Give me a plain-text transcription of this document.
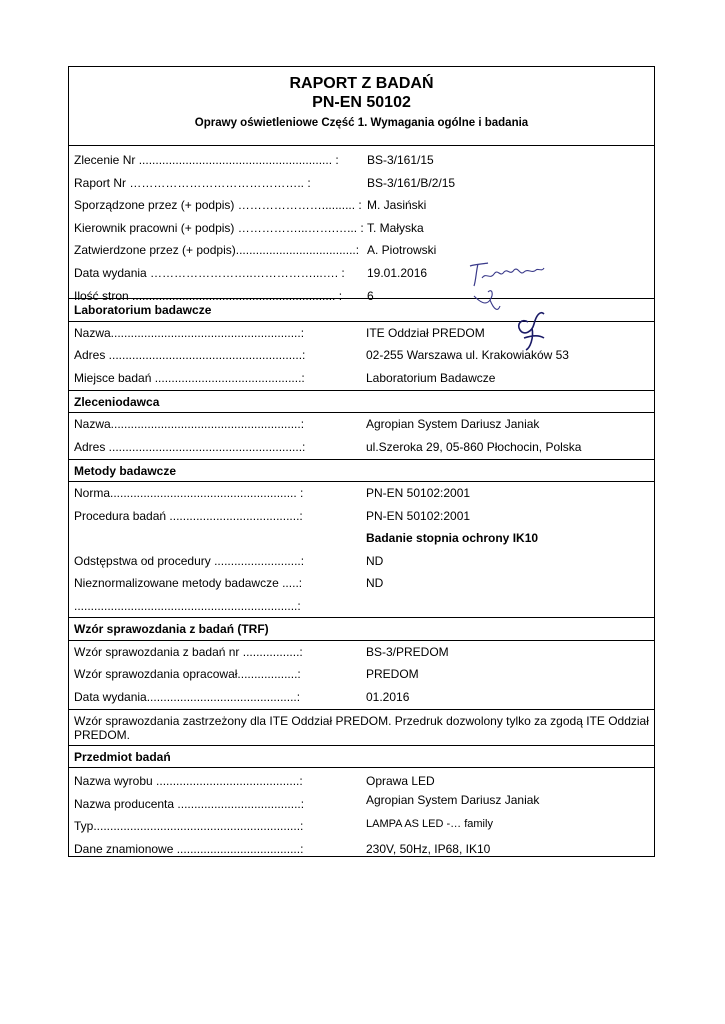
RAPORT Z BADAŃ
PN-EN 50102
Oprawy oświetleniowe Część 1. Wymagania ogólne i badania
Zlecenie Nr .......................................................... : BS-3/161/15
Raport Nr …………………………………….. :	BS-3/161/B/2/15
Sporządzone przez (+ podpis) ………………….......... : M. Jasiński
Kierownik pracowni (+ podpis) ……………...…….…... : T. Małyska
Zatwierdzone przez (+ podpis)....................................: A. Piotrowski
Data wydania ……………………..……………...…. : 19.01.2016
Ilość stron ............................................................. : 6
Laboratorium badawcze
Nazwa.........................................................:	ITE Oddział PREDOM
Adres ..........................................................:	02-255 Warszawa ul. Krakowiaków 53
Miejsce badań ............................................:	Laboratorium Badawcze
Zleceniodawca
Nazwa.........................................................:	Agropian System Dariusz Janiak
Adres ..........................................................:	ul.Szeroka 29, 05-860 Płochocin, Polska
Metody badawcze
Norma........................................................ :	PN-EN 50102:2001
Procedura badań .......................................:	PN-EN 50102:2001
Badanie stopnia ochrony IK10
Odstępstwa od procedury ..........................:	ND
Nieznormalizowane metody badawcze .....:	ND
...................................................................:
Wzór sprawozdania z badań (TRF)
Wzór sprawozdania z badań nr .................:	BS-3/PREDOM
Wzór sprawozdania opracował..................:	PREDOM
Data wydania.............................................:	01.2016
Wzór sprawozdania zastrzeżony dla ITE Oddział PREDOM. Przedruk dozwolony tylko za zgodą ITE Oddział PREDOM.
Przedmiot badań
Nazwa wyrobu ...........................................:	Oprawa LED
Nazwa producenta .....................................:	Agropian System Dariusz Janiak
Typ..............................................................:	LAMPA AS LED -… family
Dane znamionowe .....................................:	230V, 50Hz, IP68, IK10
